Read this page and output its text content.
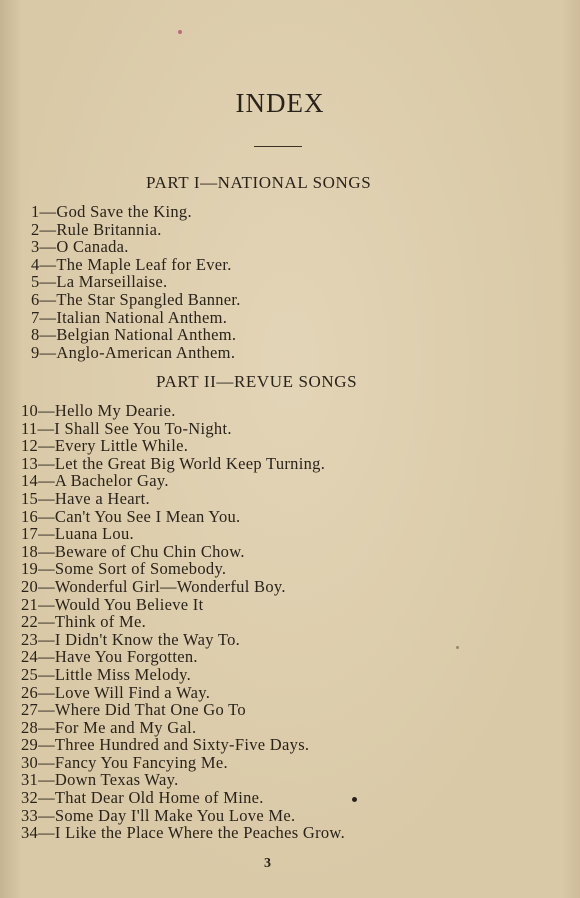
INDEX
PART I—NATIONAL SONGS
1—God Save the King.
2—Rule Britannia.
3—O Canada.
4—The Maple Leaf for Ever.
5—La Marseillaise.
6—The Star Spangled Banner.
7—Italian National Anthem.
8—Belgian National Anthem.
9—Anglo-American Anthem.
PART II—REVUE SONGS
10—Hello My Dearie.
11—I Shall See You To-Night.
12—Every Little While.
13—Let the Great Big World Keep Turning.
14—A Bachelor Gay.
15—Have a Heart.
16—Can't You See I Mean You.
17—Luana Lou.
18—Beware of Chu Chin Chow.
19—Some Sort of Somebody.
20—Wonderful Girl—Wonderful Boy.
21—Would You Believe It
22—Think of Me.
23—I Didn't Know the Way To.
24—Have You Forgotten.
25—Little Miss Melody.
26—Love Will Find a Way.
27—Where Did That One Go To
28—For Me and My Gal.
29—Three Hundred and Sixty-Five Days.
30—Fancy You Fancying Me.
31—Down Texas Way.
32—That Dear Old Home of Mine.
33—Some Day I'll Make You Love Me.
34—I Like the Place Where the Peaches Grow.
3
